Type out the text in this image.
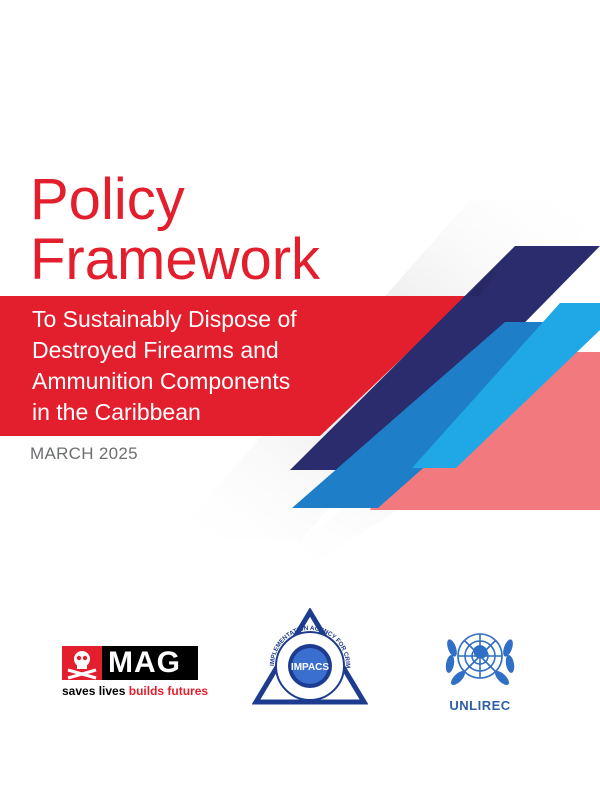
Policy
Framework

To Sustainably Dispose of
Destroyed Firearms and
Ammunition Components
in the Caribbean

MARCH 2025
MAG
saves lives builds futures
IMPLEMENTATION AGENCY FOR CRIM
IMPACS
UNLIREC
